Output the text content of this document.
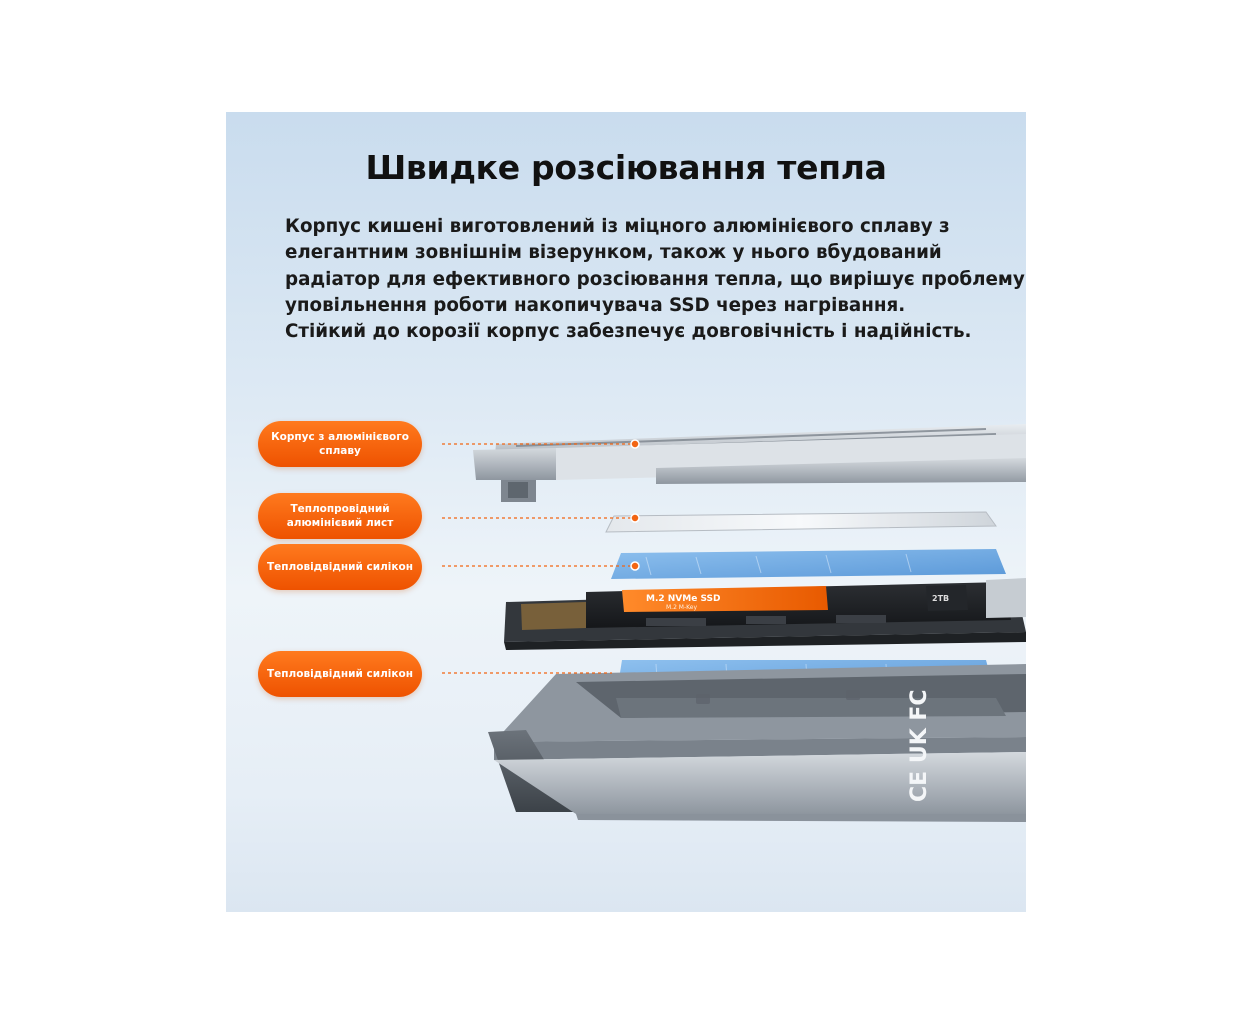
M.2 NVMe SSD
M.2 M-Key
2TB
CE UK FC
Швидке розсіювання тепла
Корпус кишені виготовлений із міцного алюмінієвого сплаву з
елегантним зовнішнім візерунком, також у нього вбудований
радіатор для ефективного розсіювання тепла, що вирішує проблему
уповільнення роботи накопичувача SSD через нагрівання.
Стійкий до корозії корпус забезпечує довговічність і надійність.
Корпус з алюмінієвого
сплаву
Теплопровідний
алюмінієвий лист
Тепловідвідний силікон
Тепловідвідний силікон
